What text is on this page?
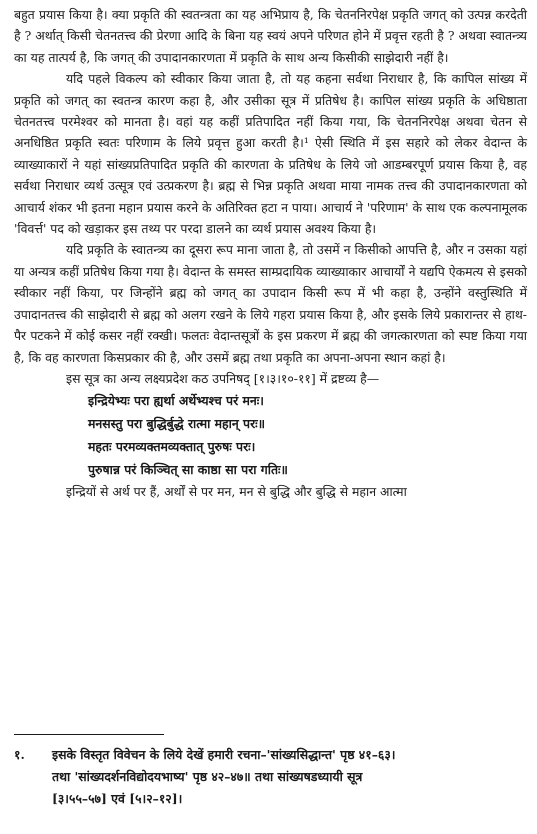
बहुत प्रयास किया है। क्या प्रकृति की स्वतन्त्रता का यह अभिप्राय है, कि चेतननिरपेक्ष प्रकृति जगत् को उत्पन्न करदेती है ? अर्थात् किसी चेतनतत्त्व की प्रेरणा आदि के बिना यह स्वयं अपने परिणत होने में प्रवृत्त रहती है ? अथवा स्वातन्त्र्य का यह तात्पर्य है, कि जगत् की उपादानकारणता में प्रकृति के साथ अन्य किसीकी साझेदारी नहीं है।

यदि पहले विकल्प को स्वीकार किया जाता है, तो यह कहना सर्वथा निराधार है, कि कापिल सांख्य में प्रकृति को जगत् का स्वतन्त्र कारण कहा है, और उसीका सूत्र में प्रतिषेध है। कापिल सांख्य प्रकृति के अधिष्ठाता चेतनतत्त्व परमेश्वर को मानता है। वहां यह कहीं प्रतिपादित नहीं किया गया, कि चेतननिरपेक्ष अथवा चेतन से अनधिष्ठित प्रकृति स्वतः परिणाम के लिये प्रवृत्त हुआ करती है।¹ ऐसी स्थिति में इस सहारे को लेकर वेदान्त के व्याख्याकारों ने यहां सांख्यप्रतिपादित प्रकृति की कारणता के प्रतिषेध के लिये जो आडम्बरपूर्ण प्रयास किया है, वह सर्वथा निराधार व्यर्थ उत्सूत्र एवं उत्प्रकरण है। ब्रह्म से भिन्न प्रकृति अथवा माया नामक तत्त्व की उपादानकारणता को आचार्य शंकर भी इतना महान प्रयास करने के अतिरिक्त हटा न पाया। आचार्य ने 'परिणाम' के साथ एक कल्पनामूलक 'विवर्त्त' पद को खड़ाकर इस तथ्य पर परदा डालने का व्यर्थ प्रयास अवश्य किया है।

यदि प्रकृति के स्वातन्त्र्य का दूसरा रूप माना जाता है, तो उसमें न किसीको आपत्ति है, और न उसका यहां या अन्यत्र कहीं प्रतिषेध किया गया है। वेदान्त के समस्त साम्प्रदायिक व्याख्याकार आचार्यों ने यद्यपि ऐकमत्य से इसको स्वीकार नहीं किया, पर जिन्होंने ब्रह्म को जगत् का उपादान किसी रूप में भी कहा है, उन्होंने वस्तुस्थिति में उपादानतत्त्व की साझेदारी से ब्रह्म को अलग रखने के लिये गहरा प्रयास किया है, और इसके लिये प्रकारान्तर से हाथ-पैर पटकने में कोई कसर नहीं रक्खी। फलतः वेदान्तसूत्रों के इस प्रकरण में ब्रह्म की जगत्कारणता को स्पष्ट किया गया है, कि वह कारणता किसप्रकार की है, और उसमें ब्रह्म तथा प्रकृति का अपना-अपना स्थान कहां है।

इस सूत्र का अन्य लक्ष्यप्रदेश कठ उपनिषद् [१।३।१०-११] में द्रष्टव्य है—

इन्द्रियेभ्यः परा ह्यर्था अर्थेभ्यश्च परं मनः।
मनसस्तु परा बुद्धिर्बुद्धे रात्मा महान् परः॥
महतः परमव्यक्तमव्यक्तात् पुरुषः परः।
पुरुषान्न परं किञ्चित् सा काष्ठा सा परा गतिः॥

इन्द्रियों से अर्थ पर हैं, अर्थों से पर मन, मन से बुद्धि और बुद्धि से महान आत्मा

१.	इसके विस्तृत विवेचन के लिये देखें हमारी रचना–'सांख्यसिद्धान्त' पृष्ठ ४१–६३।
तथा 'सांख्यदर्शनविद्योदयभाष्य' पृष्ठ ४२–४७॥ तथा सांख्यषडध्यायी सूत्र
[३।५५–५७] एवं [५।२–१२]।
